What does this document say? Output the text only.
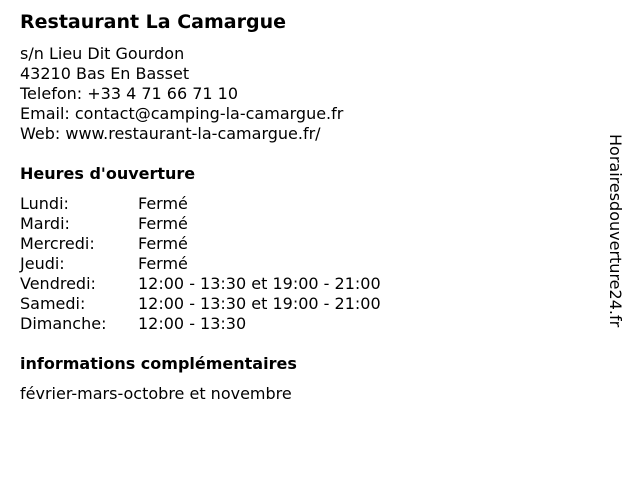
Restaurant La Camargue
s/n Lieu Dit Gourdon
43210 Bas En Basset
Telefon: +33 4 71 66 71 10
Email: contact@camping-la-camargue.fr
Web: www.restaurant-la-camargue.fr/
Heures d'ouverture
Lundi:	Fermé
Mardi:	Fermé
Mercredi:	Fermé
Jeudi:	Fermé
Vendredi:	12:00 - 13:30 et 19:00 - 21:00
Samedi:	12:00 - 13:30 et 19:00 - 21:00
Dimanche:	12:00 - 13:30
informations complémentaires
février-mars-octobre et novembre
Horairesdouverture24.fr
